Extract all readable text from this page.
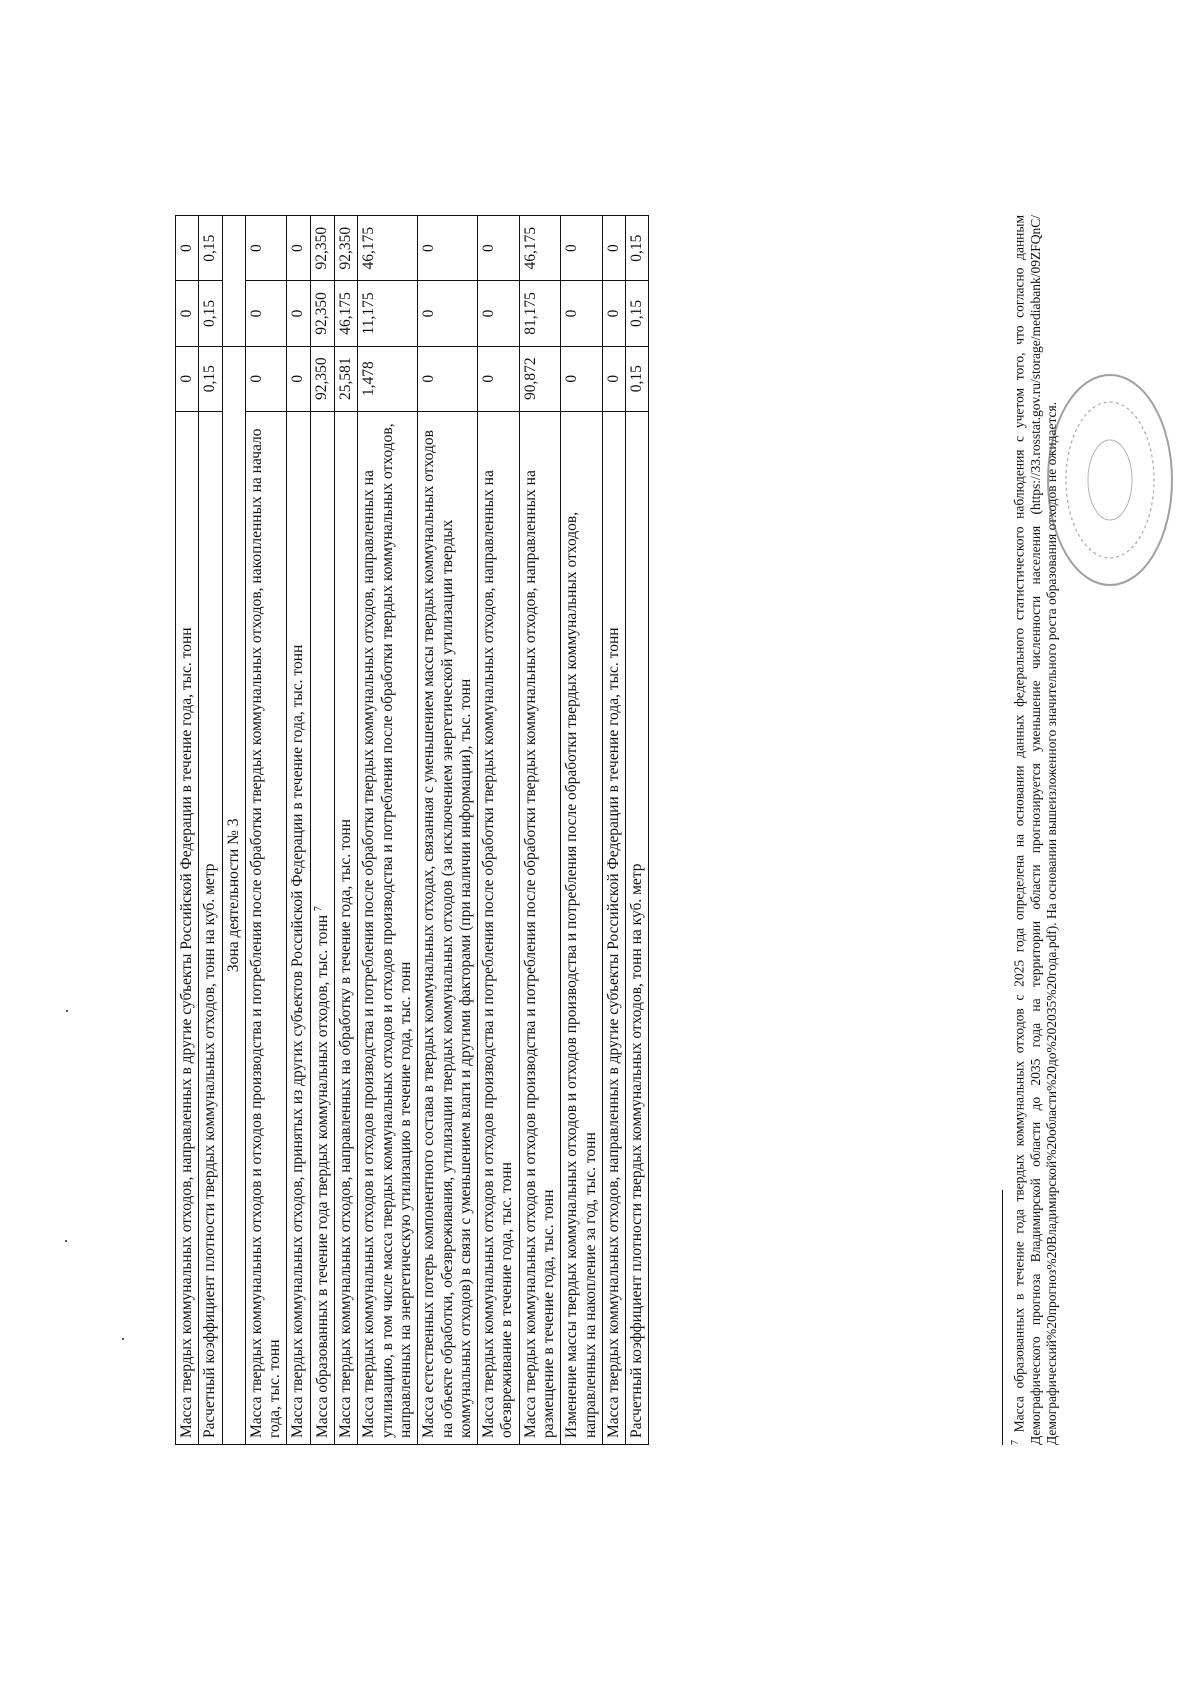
Масса твердых коммунальных отходов, направленных в другие субъекты Российской Федерации в течение года, тыс. тонн	0	0	0
Расчетный коэффициент плотности твердых коммунальных отходов, тонн на куб. метр	0,15	0,15	0,15
Зона деятельности № 3			
Масса твердых коммунальных отходов и отходов производства и потребления после обработки твердых коммунальных отходов, накопленных на начало года, тыс. тонн	0	0	0
Масса твердых коммунальных отходов, принятых из других субъектов Российской Федерации в течение года, тыс. тонн	0	0	0
Масса образованных в течение года твердых коммунальных отходов, тыс. тонн $^7$	92,350	92,350	92,350
Масса твердых коммунальных отходов, направленных на обработку в течение года, тыс. тонн	25,581	46,175	92,350
Масса твердых коммунальных отходов и отходов производства и потребления после обработки твердых коммунальных отходов, направленных на утилизацию, в том числе масса твердых коммунальных отходов и отходов производства и потребления после обработки твердых коммунальных отходов, направленных на энергетическую утилизацию в течение года, тыс. тонн	1,478	11,175	46,175
Масса естественных потерь компонентного состава в твердых коммунальных отходах, связанная с уменьшением массы твердых коммунальных отходов на объекте обработки, обезвреживания, утилизации твердых коммунальных отходов (за исключением энергетической утилизации твердых коммунальных отходов) в связи с уменьшением влаги и другими факторами (при наличии информации), тыс. тонн	0	0	0
Масса твердых коммунальных отходов и отходов производства и потребления после обработки твердых коммунальных отходов, направленных на обезвреживание в течение года, тыс. тонн	0	0	0
Масса твердых коммунальных отходов и отходов производства и потребления после обработки твердых коммунальных отходов, направленных на размещение в течение года, тыс. тонн	90,872	81,175	46,175
Изменение массы твердых коммунальных отходов и отходов производства и потребления после обработки твердых коммунальных отходов, направленных на накопление за год, тыс. тонн	0	0	0
Масса твердых коммунальных отходов, направленных в другие субъекты Российской Федерации в течение года, тыс. тонн	0	0	0
Расчетный коэффициент плотности твердых коммунальных отходов, тонн на куб. метр	0,15	0,15	0,15
$^7$ Масса образованных в течение года твердых коммунальных отходов с 2025 года определена на основании данных федерального статистического наблюдения с учетом того, что согласно данным Демографического прогноза Владимирской области до 2035 года на территории области прогнозируется уменьшение численности населения (https://33.rosstat.gov.ru/storage/mediabank/09ZFQnC/Демографический%20прогноз%20Владимирской%20области%20до%202035%20года.pdf). На основании вышеизложенного значительного роста образования отходов не ожидается.
